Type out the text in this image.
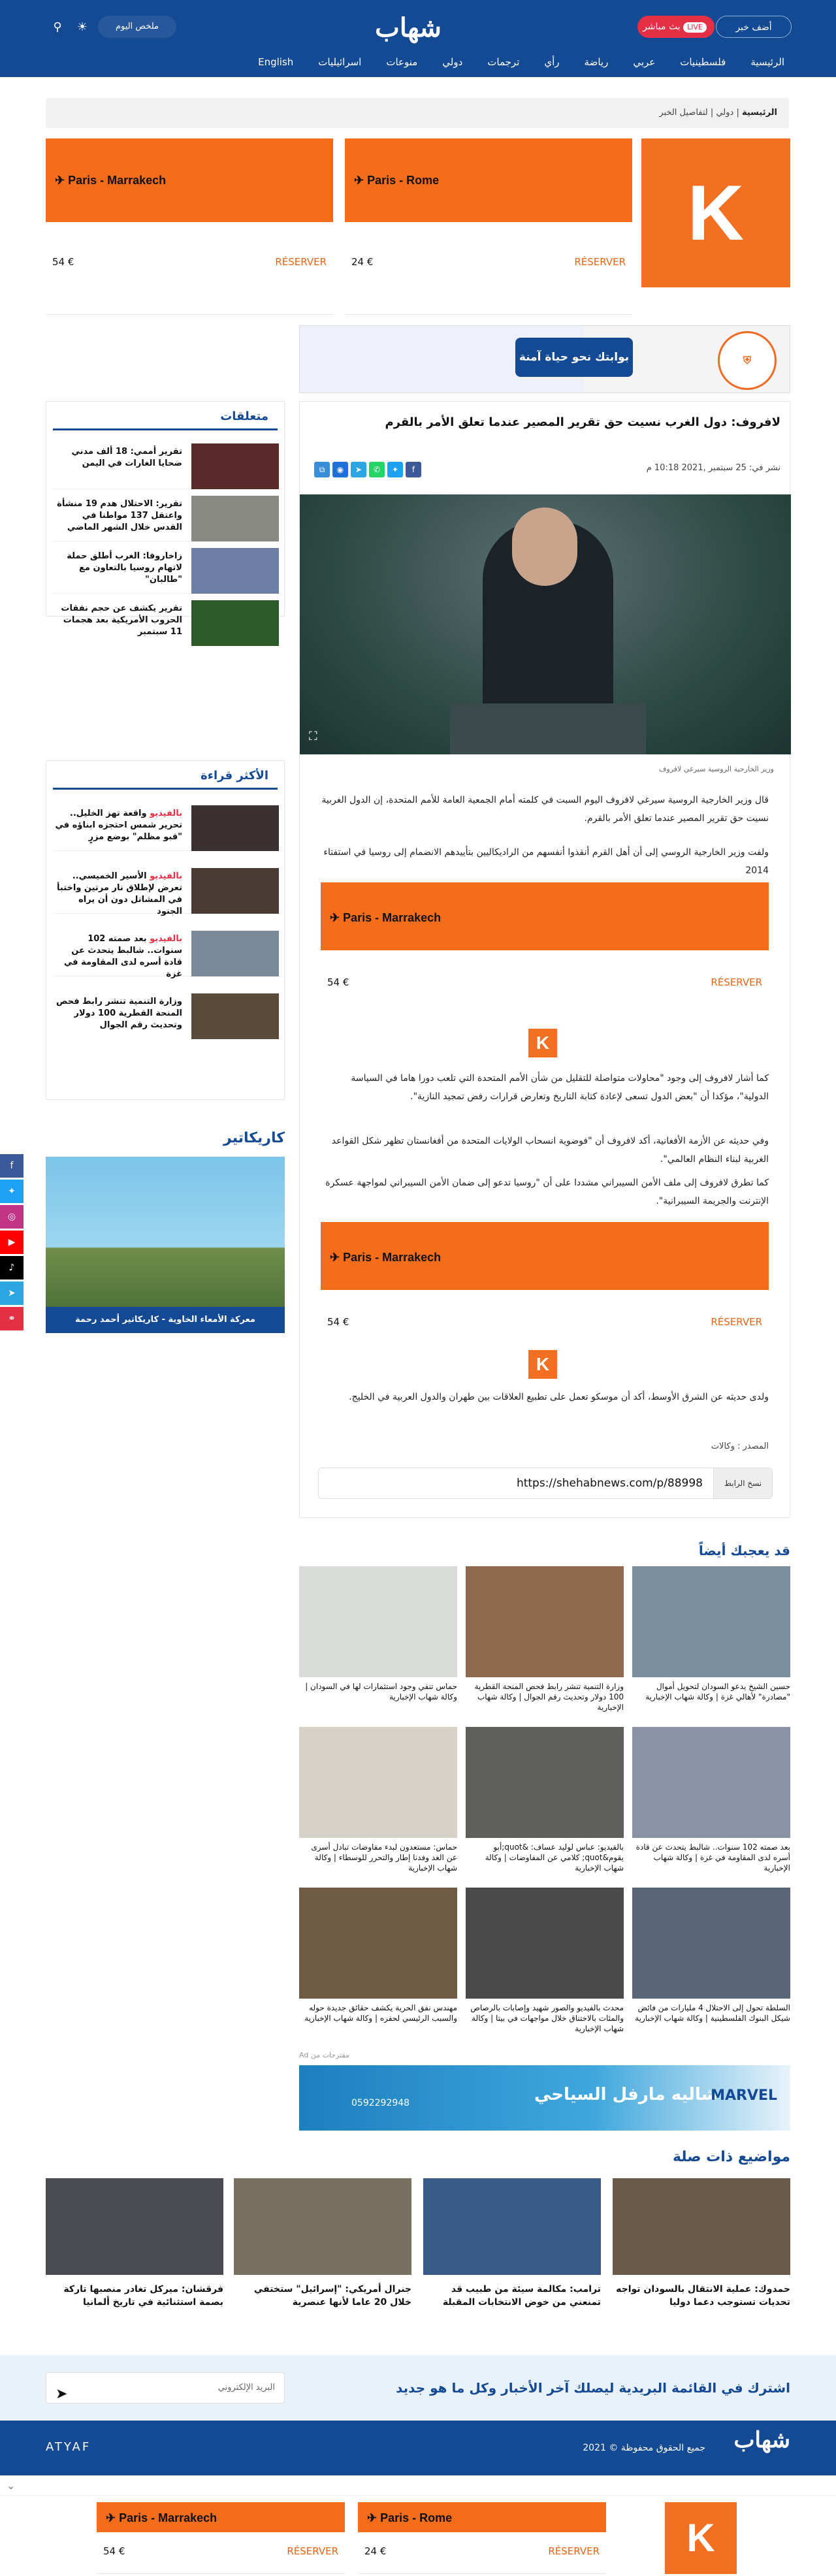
شهاب	أضف خبر
بث مباشر LIVE
ملخص اليوم
☀
⚲
الرئيسية
فلسطينيات
عربي
رياضة
رأي
ترجمات
دولي
منوعات
اسرائيليات
English
الرئيسية | دولي | لتفاصيل الخبر
K
✈ Paris - Marrakech
54 €	RÉSERVER
✈ Paris - Rome
24 €	RÉSERVER
⛨
بوابتك نحو حياة آمنة
لافروف: دول الغرب نسيت حق تقرير المصير عندما تعلق الأمر بالقرم
نشر في: 25 سبتمبر ,2021 10:18 م
⧉	◉	➤	✆	✦	f
⛶
وزير الخارجية الروسية سيرغي لافروف
قال وزير الخارجية الروسية سيرغي لافروف اليوم السبت في كلمته أمام الجمعية العامة للأمم المتحدة، إن الدول الغربية نسيت حق تقرير المصير عندما تعلق الأمر بالقرم.
ولفت وزير الخارجية الروسي إلى أن أهل القرم أنقذوا أنفسهم من الراديكاليين بتأييدهم الانضمام إلى روسيا في استفتاء 2014
✈ Paris - Marrakech
54 €	RÉSERVER
K
كما أشار لافروف إلى وجود "محاولات متواصلة للتقليل من شأن الأمم المتحدة التي تلعب دورا هاما في السياسة الدولية"، مؤكدا أن "بعض الدول تسعى لإعادة كتابة التاريخ وتعارض قرارات رفض تمجيد النازية".
وفي حديثه عن الأزمة الأفغانية، أكد لافروف أن "فوضوية انسحاب الولايات المتحدة من أفغانستان تظهر شكل القواعد الغربية لبناء النظام العالمي".
كما تطرق لافروف إلى ملف الأمن السيبراني مشددا على أن "روسيا تدعو إلى ضمان الأمن السيبراني لمواجهة عسكرة الإنترنت والجريمة السيبرانية".
✈ Paris - Marrakech
54 €	RÉSERVER
K
ولدى حديثه عن الشرق الأوسط، أكد أن موسكو تعمل على تطبيع العلاقات بين طهران والدول العربية في الخليج.
المصدر : وكالات
نسخ الرابط
https://shehabnews.com/p/88998
متعلقات
تقرير أممي: 18 ألف مدني ضحايا الغارات في اليمن
تقرير: الاحتلال هدم 19 منشأة واعتقل 137 مواطنا في القدس خلال الشهر الماضي
زاخاروفا: الغرب أطلق حملة لاتهام روسيا بالتعاون مع "طالبان"
تقرير يكشف عن حجم نفقات الحروب الأمريكية بعد هجمات 11 سبتمبر
الأكثر قراءة
بالفيديو واقعة تهز الخليل.. تحرير شمس احتجزه ابناؤه في "قبو مظلم" بوضع مزرٍ
بالفيديو الأسير الخميسي.. تعرض لإطلاق نار مرتين واختبأ في المشاتل دون أن يراه الجنود
بالفيديو بعد صمته 102 سنوات.. شالبط يتحدث عن قادة أسره لدى المقاومة في غزة
وزارة التنمية تنشر رابط فحص المنحة القطرية 100 دولار وتحديث رقم الجوال
كاريكاتير
معركة الأمعاء الخاوية - كاريكاتير أحمد رحمة
f
✦
◎
▶
♪
➤
⚭
قد يعجبك أيضاً
حسين الشيخ يدعو السودان لتحويل أموال "مصادرة" لأهالي غزة | وكالة شهاب الإخبارية
وزارة التنمية تنشر رابط فحص المنحة القطرية 100 دولار وتحديث رقم الجوال | وكالة شهاب الإخبارية
حماس تنفي وجود استثمارات لها في السودان | وكالة شهاب الإخبارية
بعد صمته 102 سنوات.. شالبط يتحدث عن قادة أسره لدى المقاومة في غزة | وكالة شهاب الإخبارية
بالفيديو: عباس لوليد عساف: &quot;أبو يقوم&quot; كلامي عن المفاوضات | وكالة شهاب الإخبارية
حماس: مستعدون لبدء مفاوضات تبادل أسرى عن الغد وفدنا إطار والتحرر للوسطاء | وكالة شهاب الإخبارية
السلطة تحول إلى الاحتلال 4 مليارات من فائض شيكل البنوك الفلسطينية | وكالة شهاب الإخبارية
محدث بالفيديو والصور شهيد وإصابات بالرصاص والمئات بالاختناق خلال مواجهات في بيتا | وكالة شهاب الإخبارية
مهندس نفق الحرية يكشف حقائق جديدة حوله والسبب الرئيسي لحفره | وكالة شهاب الإخبارية
Ad مقترحات من
شاليه مارفل السياحي
0592292948	MARVEL
مواضيع ذات صلة
حمدوك: عملية الانتقال بالسودان تواجه تحديات تستوجب دعما دوليا
ترامب: مكالمة سيئة من طبيب قد تمنعني من خوض الانتخابات المقبلة
جنرال أمريكي: "إسرائيل" ستختفي خلال 20 عاما لأنها عنصرية
فرقشان: ميركل تغادر منصبها تاركة بصمة استثنائية في تاريخ ألمانيا
اشترك في القائمة البريدية ليصلك آخر الأخبار وكل ما هو جديد
البريد الإلكتروني
➤
شهاب
جميع الحقوق محفوظة © 2021
ATYAF
⌄
K
✈ Paris - Marrakech
54 €	RÉSERVER
✈ Paris - Rome
24 €	RÉSERVER
